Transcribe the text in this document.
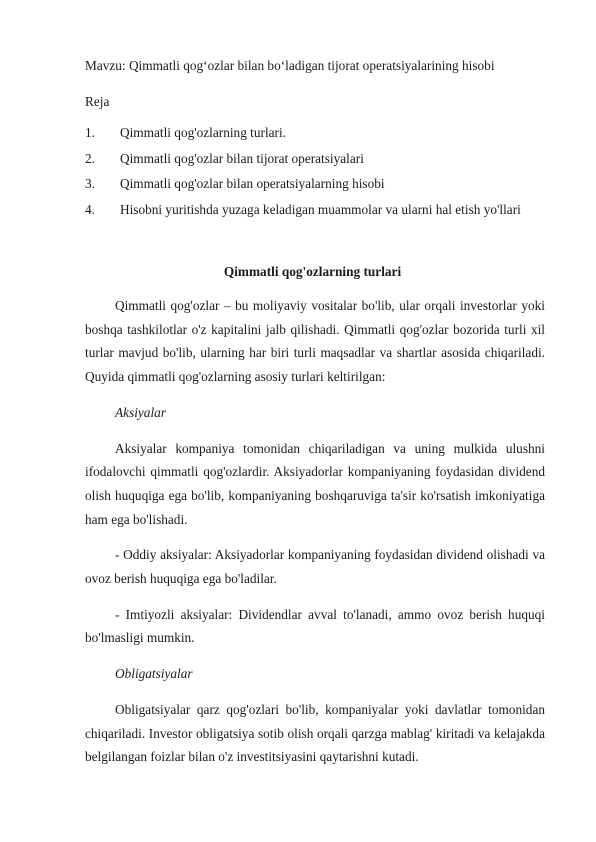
Mavzu: Qimmatli qog‘ozlar bilan bo‘ladigan tijorat operatsiyalarining hisobi
Reja
1. Qimmatli qog'ozlarning turlari.
2. Qimmatli qog'ozlar bilan tijorat operatsiyalari
3. Qimmatli qog'ozlar bilan operatsiyalarning hisobi
4. Hisobni yuritishda yuzaga keladigan muammolar va ularni hal etish yo'llari
Qimmatli qog'ozlarning turlari

Qimmatli qog'ozlar – bu moliyaviy vositalar bo'lib, ular orqali investorlar yoki boshqa tashkilotlar o'z kapitalini jalb qilishadi. Qimmatli qog'ozlar bozorida turli xil turlar mavjud bo'lib, ularning har biri turli maqsadlar va shartlar asosida chiqariladi. Quyida qimmatli qog'ozlarning asosiy turlari keltirilgan:

Aksiyalar

Aksiyalar kompaniya tomonidan chiqariladigan va uning mulkida ulushni ifodalovchi qimmatli qog'ozlardir. Aksiyadorlar kompaniyaning foydasidan dividend olish huquqiga ega bo'lib, kompaniyaning boshqaruviga ta'sir ko'rsatish imkoniyatiga ham ega bo'lishadi.

- Oddiy aksiyalar: Aksiyadorlar kompaniyaning foydasidan dividend olishadi va ovoz berish huquqiga ega bo'ladilar.

- Imtiyozli aksiyalar: Dividendlar avval to'lanadi, ammo ovoz berish huquqi bo'lmasligi mumkin.

Obligatsiyalar

Obligatsiyalar qarz qog'ozlari bo'lib, kompaniyalar yoki davlatlar tomonidan chiqariladi. Investor obligatsiya sotib olish orqali qarzga mablag' kiritadi va kelajakda belgilangan foizlar bilan o'z investitsiyasini qaytarishni kutadi.
